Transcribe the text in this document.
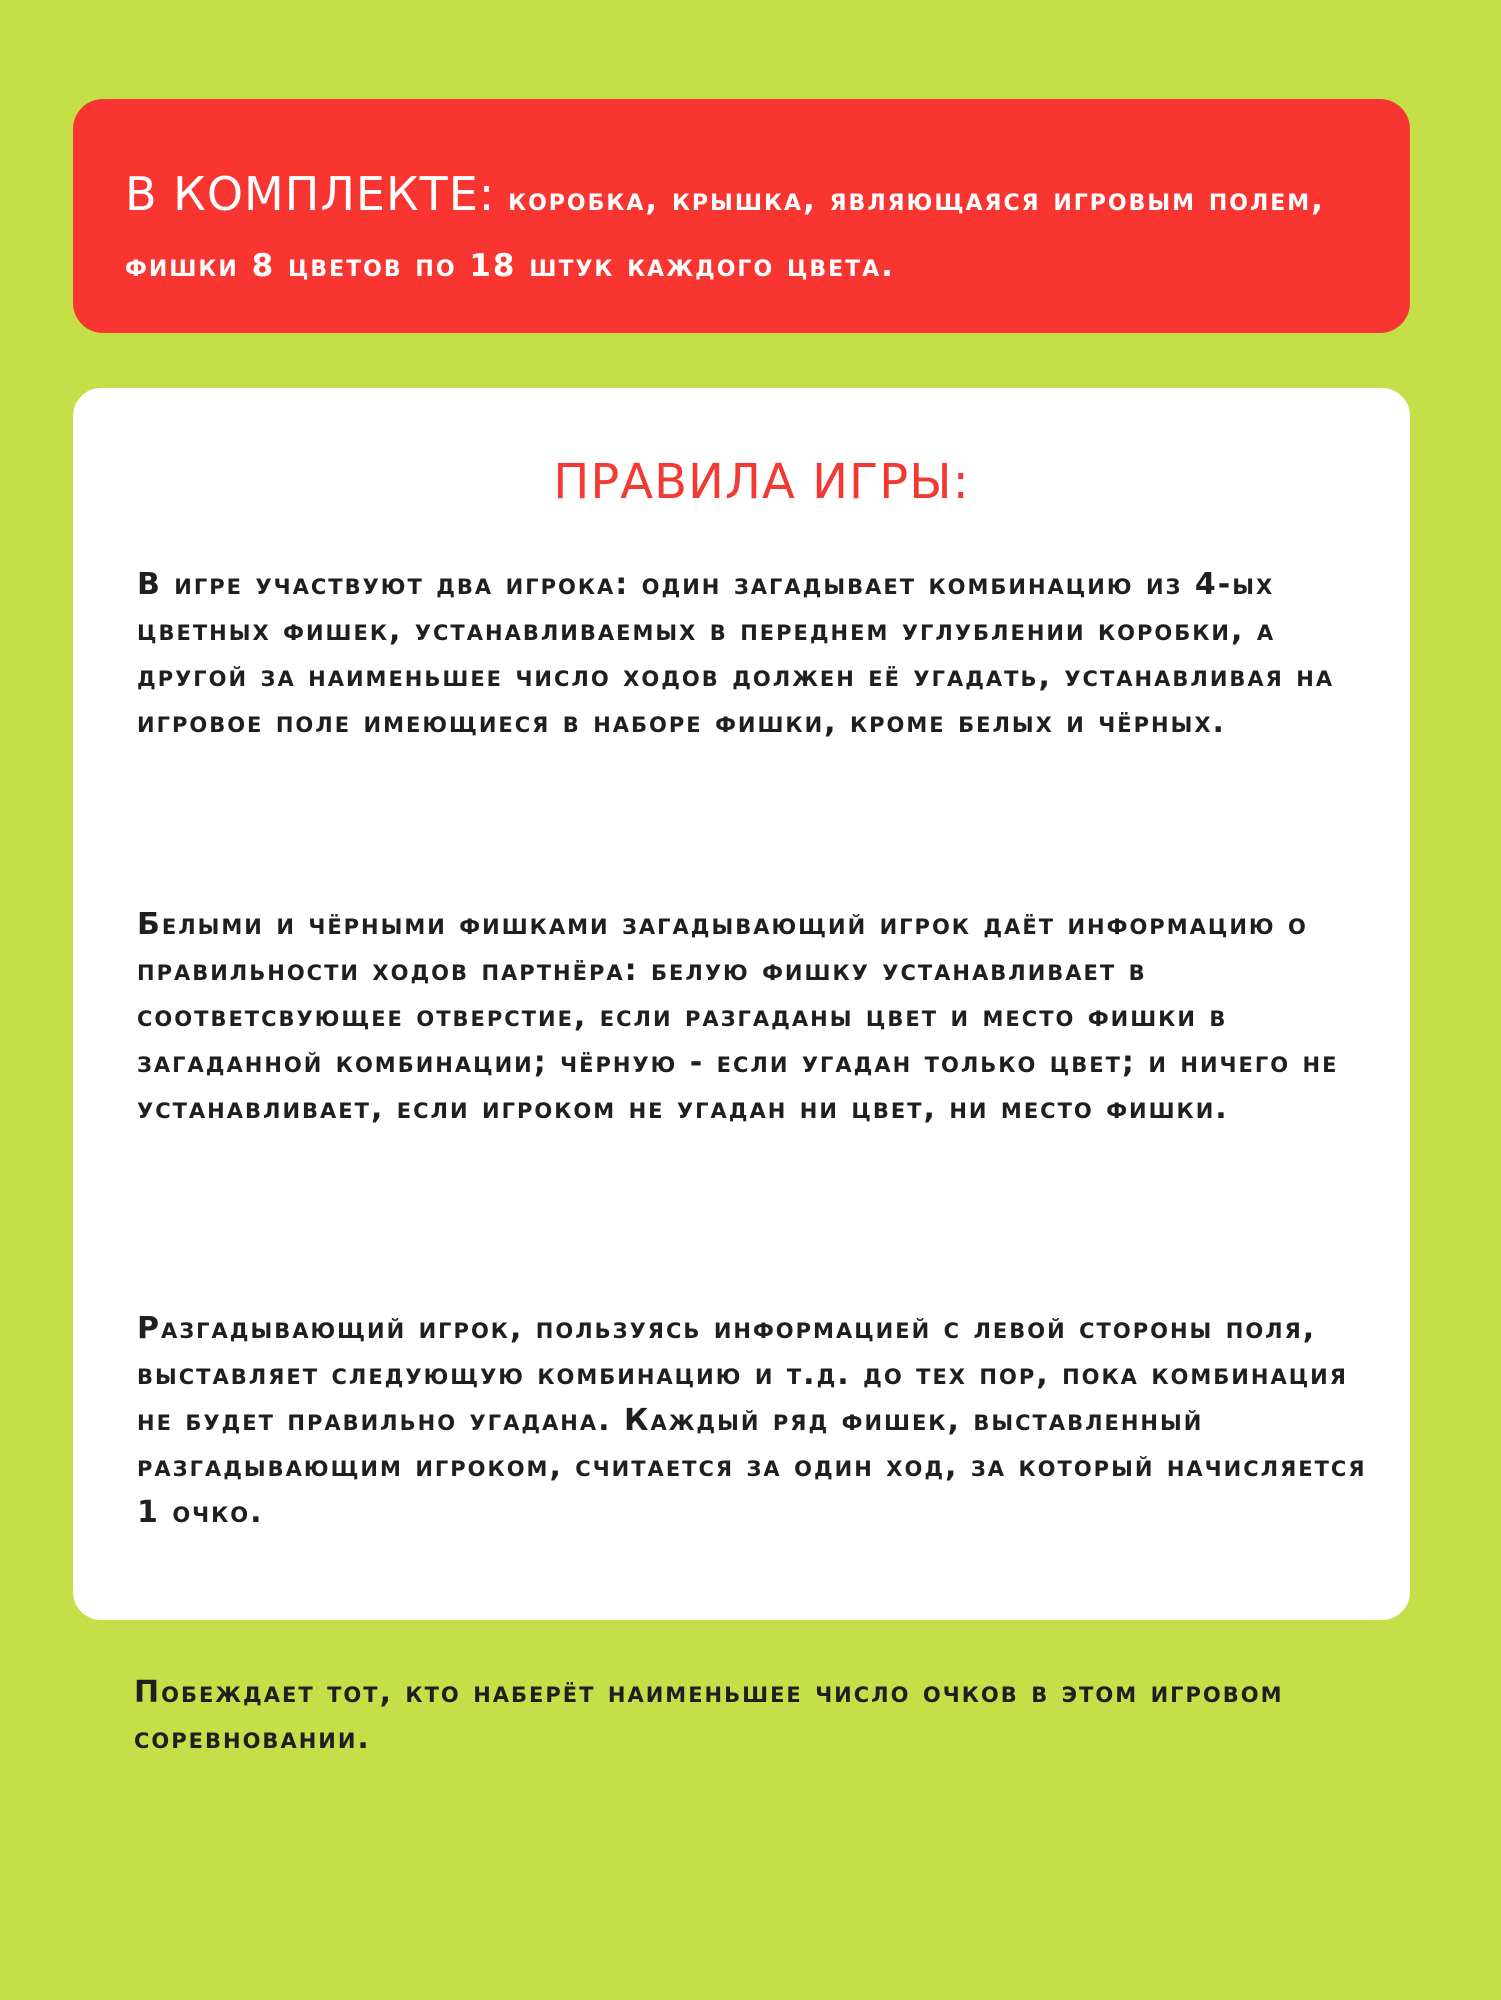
В КОМПЛЕКТЕ: коробка, крышка, являющаяся игровым полем, фишки 8 цветов по 18 штук каждого цвета.

ПРАВИЛА ИГРЫ:

В игре участвуют два игрока: один загадывает комбинацию из 4-ых цветных фишек, устанавливаемых в переднем углублении коробки, а другой за наименьшее число ходов должен её угадать, устанавливая на игровое поле имеющиеся в наборе фишки, кроме белых и чёрных.

Белыми и чёрными фишками загадывающий игрок даёт информацию о правильности ходов партнёра: белую фишку устанавливает в соответсвующее отверстие, если разгаданы цвет и место фишки в загаданной комбинации; чёрную - если угадан только цвет; и ничего не устанавливает, если игроком не угадан ни цвет, ни место фишки.

Разгадывающий игрок, пользуясь информацией с левой стороны поля, выставляет следующую комбинацию и т.д. до тех пор, пока комбинация не будет правильно угадана. Каждый ряд фишек, выставленный разгадывающим игроком, считается за один ход, за который начисляется 1 очко.

Побеждает тот, кто наберёт наименьшее число очков в этом игровом соревновании.
